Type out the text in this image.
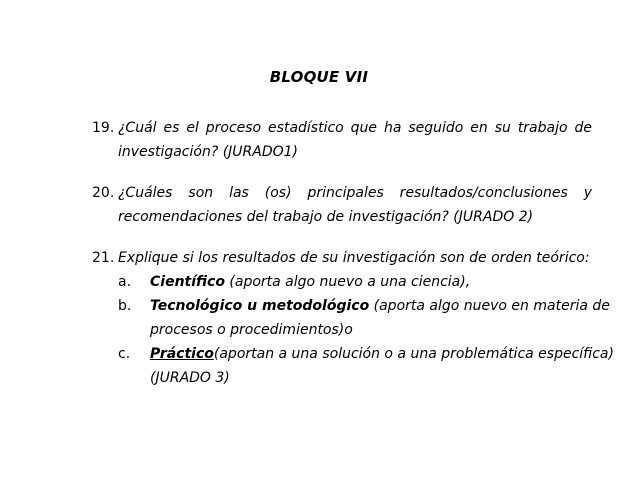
BLOQUE VII
19. ¿Cuál es el proceso estadístico que ha seguido en su trabajo de
investigación? (JURADO1)
20. ¿Cuáles son las (os) principales resultados/conclusiones y
recomendaciones del trabajo de investigación? (JURADO 2)
21. Explique si los resultados de su investigación son de orden teórico:
a. Científico (aporta algo nuevo a una ciencia),
b. Tecnológico u metodológico (aporta algo nuevo en materia de
procesos o procedimientos)o
c. Práctico(aportan a una solución o a una problemática específica)
(JURADO 3)
